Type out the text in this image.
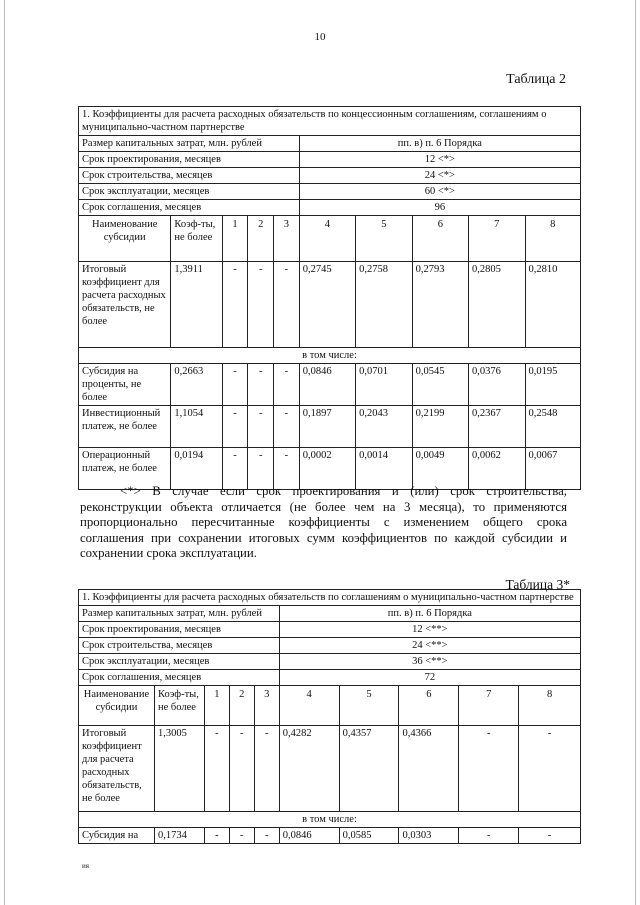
10
Таблица 2
1. Коэффициенты для расчета расходных обязательств по концессионным соглашениям, соглашениям о муниципально-частном партнерстве									
Размер капитальных затрат, млн. рублей					пп. в) п. 6 Порядка				
Срок проектирования, месяцев					12 <*>				
Срок строительства, месяцев					24 <*>				
Срок эксплуатации, месяцев					60 <*>				
Срок соглашения, месяцев					96				
Наименование субсидии	Коэф-ты, не более	1	2	3	4	5	6	7	8
Итоговый коэффициент для расчета расходных обязательств, не более	1,3911	-	-	-	0,2745	0,2758	0,2793	0,2805	0,2810
в том числе:									
Субсидия на проценты, не более	0,2663	-	-	-	0,0846	0,0701	0,0545	0,0376	0,0195
Инвестиционный платеж, не более	1,1054	-	-	-	0,1897	0,2043	0,2199	0,2367	0,2548
Операционный платеж, не более	0,0194	-	-	-	0,0002	0,0014	0,0049	0,0062	0,0067
<*> В случае если срок проектирования и (или) срок строительства, реконструкции объекта отличается (не более чем на 3 месяца), то применяются пропорционально пересчитанные коэффициенты с изменением общего срока соглашения при сохранении итоговых сумм коэффициентов по каждой субсидии и сохранении срока эксплуатации.
Таблица 3*
1. Коэффициенты для расчета расходных обязательств по соглашениям о муниципально-частном партнерстве									
Размер капитальных затрат, млн. рублей					пп. в) п. 6 Порядка				
Срок проектирования, месяцев					12 <**>				
Срок строительства, месяцев					24 <**>				
Срок эксплуатации, месяцев					36 <**>				
Срок соглашения, месяцев					72				
Наименование субсидии	Коэф-ты, не более	1	2	3	4	5	6	7	8
Итоговый коэффициент для расчета расходных обязательств, не более	1,3005	-	-	-	0,4282	0,4357	0,4366	-	-
в том числе:									
Субсидия на	0,1734	-	-	-	0,0846	0,0585	0,0303	-	-
ия
